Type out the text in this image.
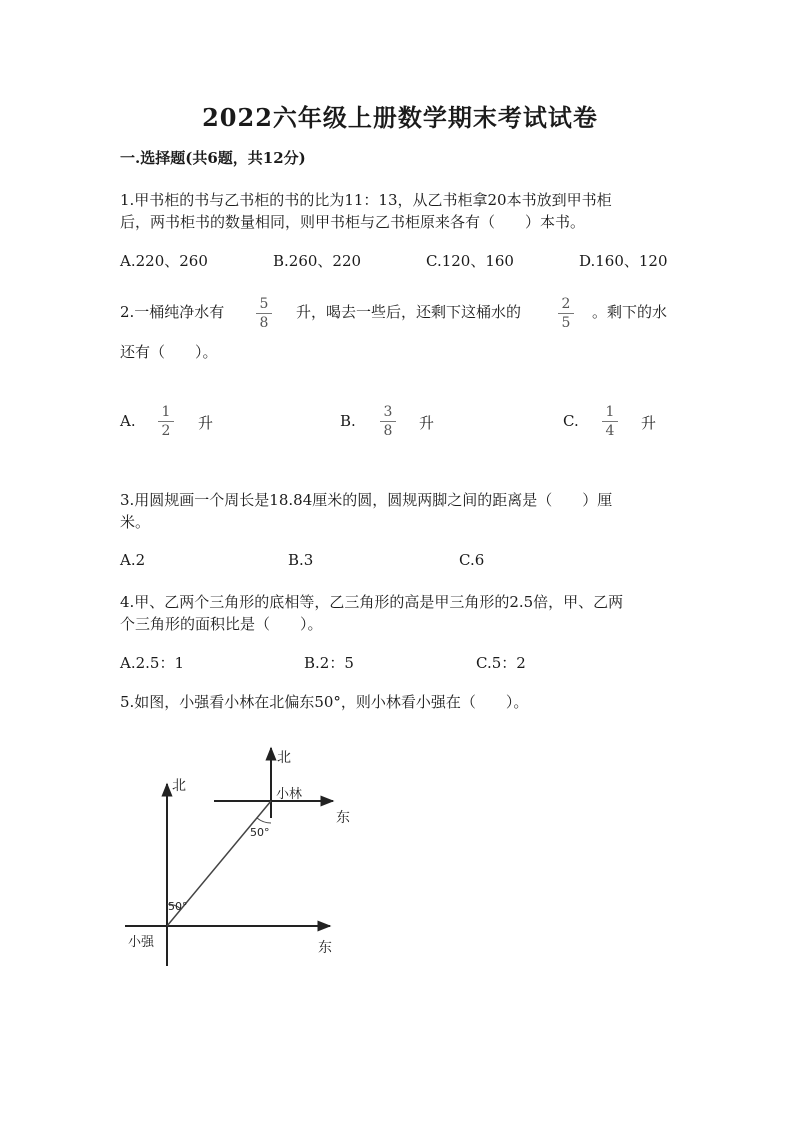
2022六年级上册数学期末考试试卷
一.选择题(共6题，共12分)
1.甲书柜的书与乙书柜的书的比为11：13，从乙书柜拿20本书放到甲书柜
后，两书柜书的数量相同，则甲书柜与乙书柜原来各有（　　）本书。
A.220、260	B.260、220	C.120、160	D.160、120
2.一桶纯净水有	5
8
升，喝去一些后，还剩下这桶水的	2
5
。剩下的水
还有（　　）。
A.	1
2	升	B.	3
8	升	C.	1
4	升
3.用圆规画一个周长是18.84厘米的圆，圆规两脚之间的距离是（　　）厘
米。
A.2	B.3	C.6
4.甲、乙两个三角形的底相等，乙三角形的高是甲三角形的2.5倍，甲、乙两
个三角形的面积比是（　　）。
A.2.5：1	B.2：5	C.5：2
5.如图，小强看小林在北偏东50°，则小林看小强在（　　）。
北
北
东
东
小林
小强
50°
50°
